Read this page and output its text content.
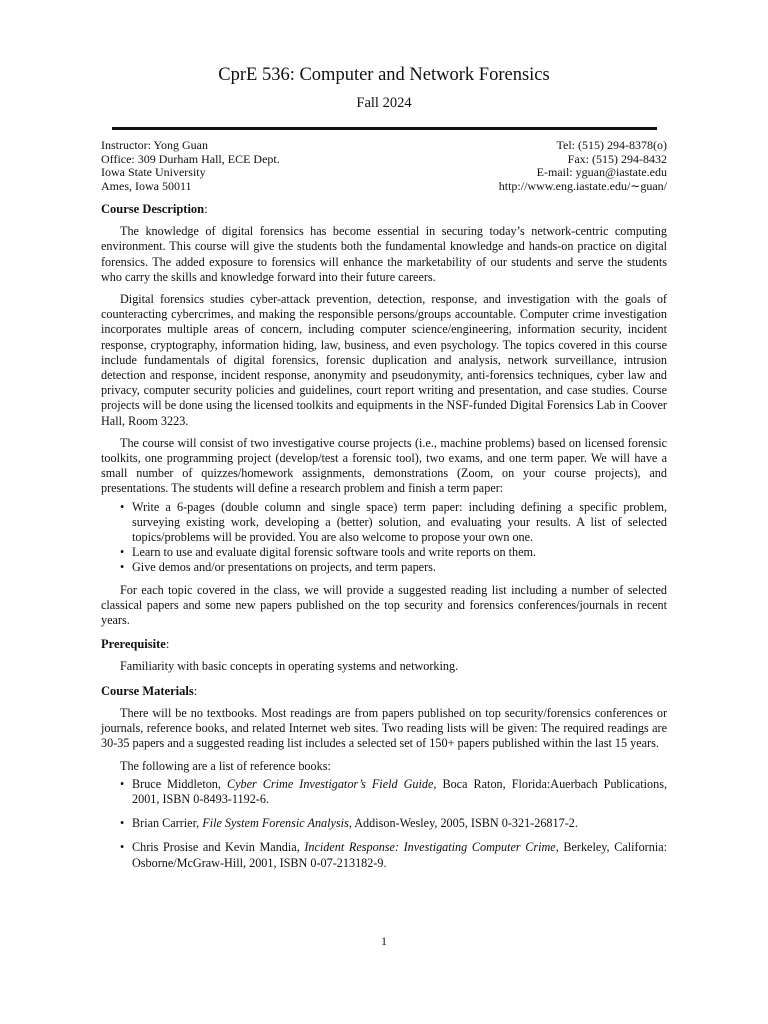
CprE 536: Computer and Network Forensics
Fall 2024
Instructor: Yong Guan
Office: 309 Durham Hall, ECE Dept.
Iowa State University
Ames, Iowa 50011
Tel: (515) 294-8378(o)
Fax: (515) 294-8432
E-mail: yguan@iastate.edu
http://www.eng.iastate.edu/∼guan/
Course Description:

The knowledge of digital forensics has become essential in securing today’s network-centric computing environment. This course will give the students both the fundamental knowledge and hands-on practice on digital forensics. The added exposure to forensics will enhance the marketability of our students and serve the students who carry the skills and knowledge forward into their future careers.

Digital forensics studies cyber-attack prevention, detection, response, and investigation with the goals of counteracting cybercrimes, and making the responsible persons/groups accountable. Computer crime investigation incorporates multiple areas of concern, including computer science/engineering, information security, incident response, cryptography, information hiding, law, business, and even psychology. The topics covered in this course include fundamentals of digital forensics, forensic duplication and analysis, network surveillance, intrusion detection and response, incident response, anonymity and pseudonymity, anti-forensics techniques, cyber law and privacy, computer security policies and guidelines, court report writing and presentation, and case studies. Course projects will be done using the licensed toolkits and equipments in the NSF-funded Digital Forensics Lab in Coover Hall, Room 3223.

The course will consist of two investigative course projects (i.e., machine problems) based on licensed forensic toolkits, one programming project (develop/test a forensic tool), two exams, and one term paper. We will have a small number of quizzes/homework assignments, demonstrations (Zoom, on your course projects), and presentations. The students will define a research problem and finish a term paper:

• Write a 6-pages (double column and single space) term paper: including defining a specific problem, surveying existing work, developing a (better) solution, and evaluating your results. A list of selected topics/problems will be provided. You are also welcome to propose your own one.
• Learn to use and evaluate digital forensic software tools and write reports on them.
• Give demos and/or presentations on projects, and term papers.

For each topic covered in the class, we will provide a suggested reading list including a number of selected classical papers and some new papers published on the top security and forensics conferences/journals in recent years.

Prerequisite:

Familiarity with basic concepts in operating systems and networking.

Course Materials:

There will be no textbooks. Most readings are from papers published on top security/forensics conferences or journals, reference books, and related Internet web sites. Two reading lists will be given: The required readings are 30-35 papers and a suggested reading list includes a selected set of 150+ papers published within the last 15 years.

The following are a list of reference books:

• Bruce Middleton, Cyber Crime Investigator’s Field Guide, Boca Raton, Florida:Auerbach Publications, 2001, ISBN 0-8493-1192-6.
• Brian Carrier, File System Forensic Analysis, Addison-Wesley, 2005, ISBN 0-321-26817-2.
• Chris Prosise and Kevin Mandia, Incident Response: Investigating Computer Crime, Berkeley, California: Osborne/McGraw-Hill, 2001, ISBN 0-07-213182-9.
1
